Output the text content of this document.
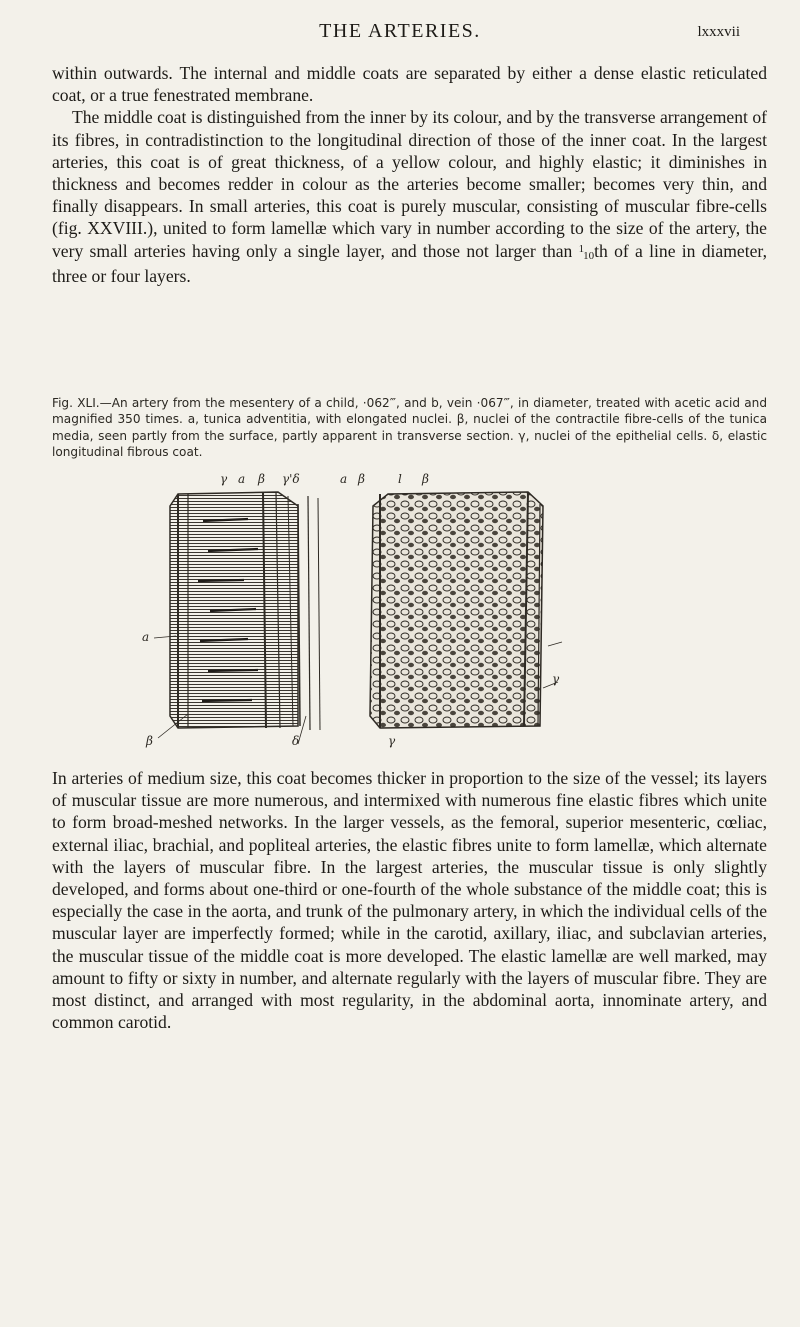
THE ARTERIES.	lxxxvii

within outwards. The internal and middle coats are separated by either a dense elastic reticulated coat, or a true fenestrated membrane.

The middle coat is distinguished from the inner by its colour, and by the transverse arrangement of its fibres, in contradistinction to the longitudinal direction of those of the inner coat. In the largest arteries, this coat is of great thickness, of a yellow colour, and highly elastic; it diminishes in thickness and becomes redder in colour as the arteries become smaller; becomes very thin, and finally disappears. In small arteries, this coat is purely muscular, consisting of muscular fibre-cells (fig. XXVIII.), united to form lamellæ which vary in number according to the size of the artery, the very small arteries having only a single layer, and those not larger than $^1$10th of a line in diameter, three or four layers.

Fig. XLI.—An artery from the mesentery of a child, ·062‴, and b, vein ·067‴, in diameter, treated with acetic acid and magnified 350 times. a, tunica adventitia, with elongated nuclei. β, nuclei of the contractile fibre-cells of the tunica media, seen partly from the surface, partly apparent in transverse section. γ, nuclei of the epithelial cells. δ, elastic longitudinal fibrous coat.

γ a β γ'δ	a β	l β
a
β	δ	γ
γ

In arteries of medium size, this coat becomes thicker in proportion to the size of the vessel; its layers of muscular tissue are more numerous, and intermixed with numerous fine elastic fibres which unite to form broad-meshed networks. In the larger vessels, as the femoral, superior mesenteric, cœliac, external iliac, brachial, and popliteal arteries, the elastic fibres unite to form lamellæ, which alternate with the layers of muscular fibre. In the largest arteries, the muscular tissue is only slightly developed, and forms about one-third or one-fourth of the whole substance of the middle coat; this is especially the case in the aorta, and trunk of the pulmonary artery, in which the individual cells of the muscular layer are imperfectly formed; while in the carotid, axillary, iliac, and subclavian arteries, the muscular tissue of the middle coat is more developed. The elastic lamellæ are well marked, may amount to fifty or sixty in number, and alternate regularly with the layers of muscular fibre. They are most distinct, and arranged with most regularity, in the abdominal aorta, innominate artery, and common carotid.
